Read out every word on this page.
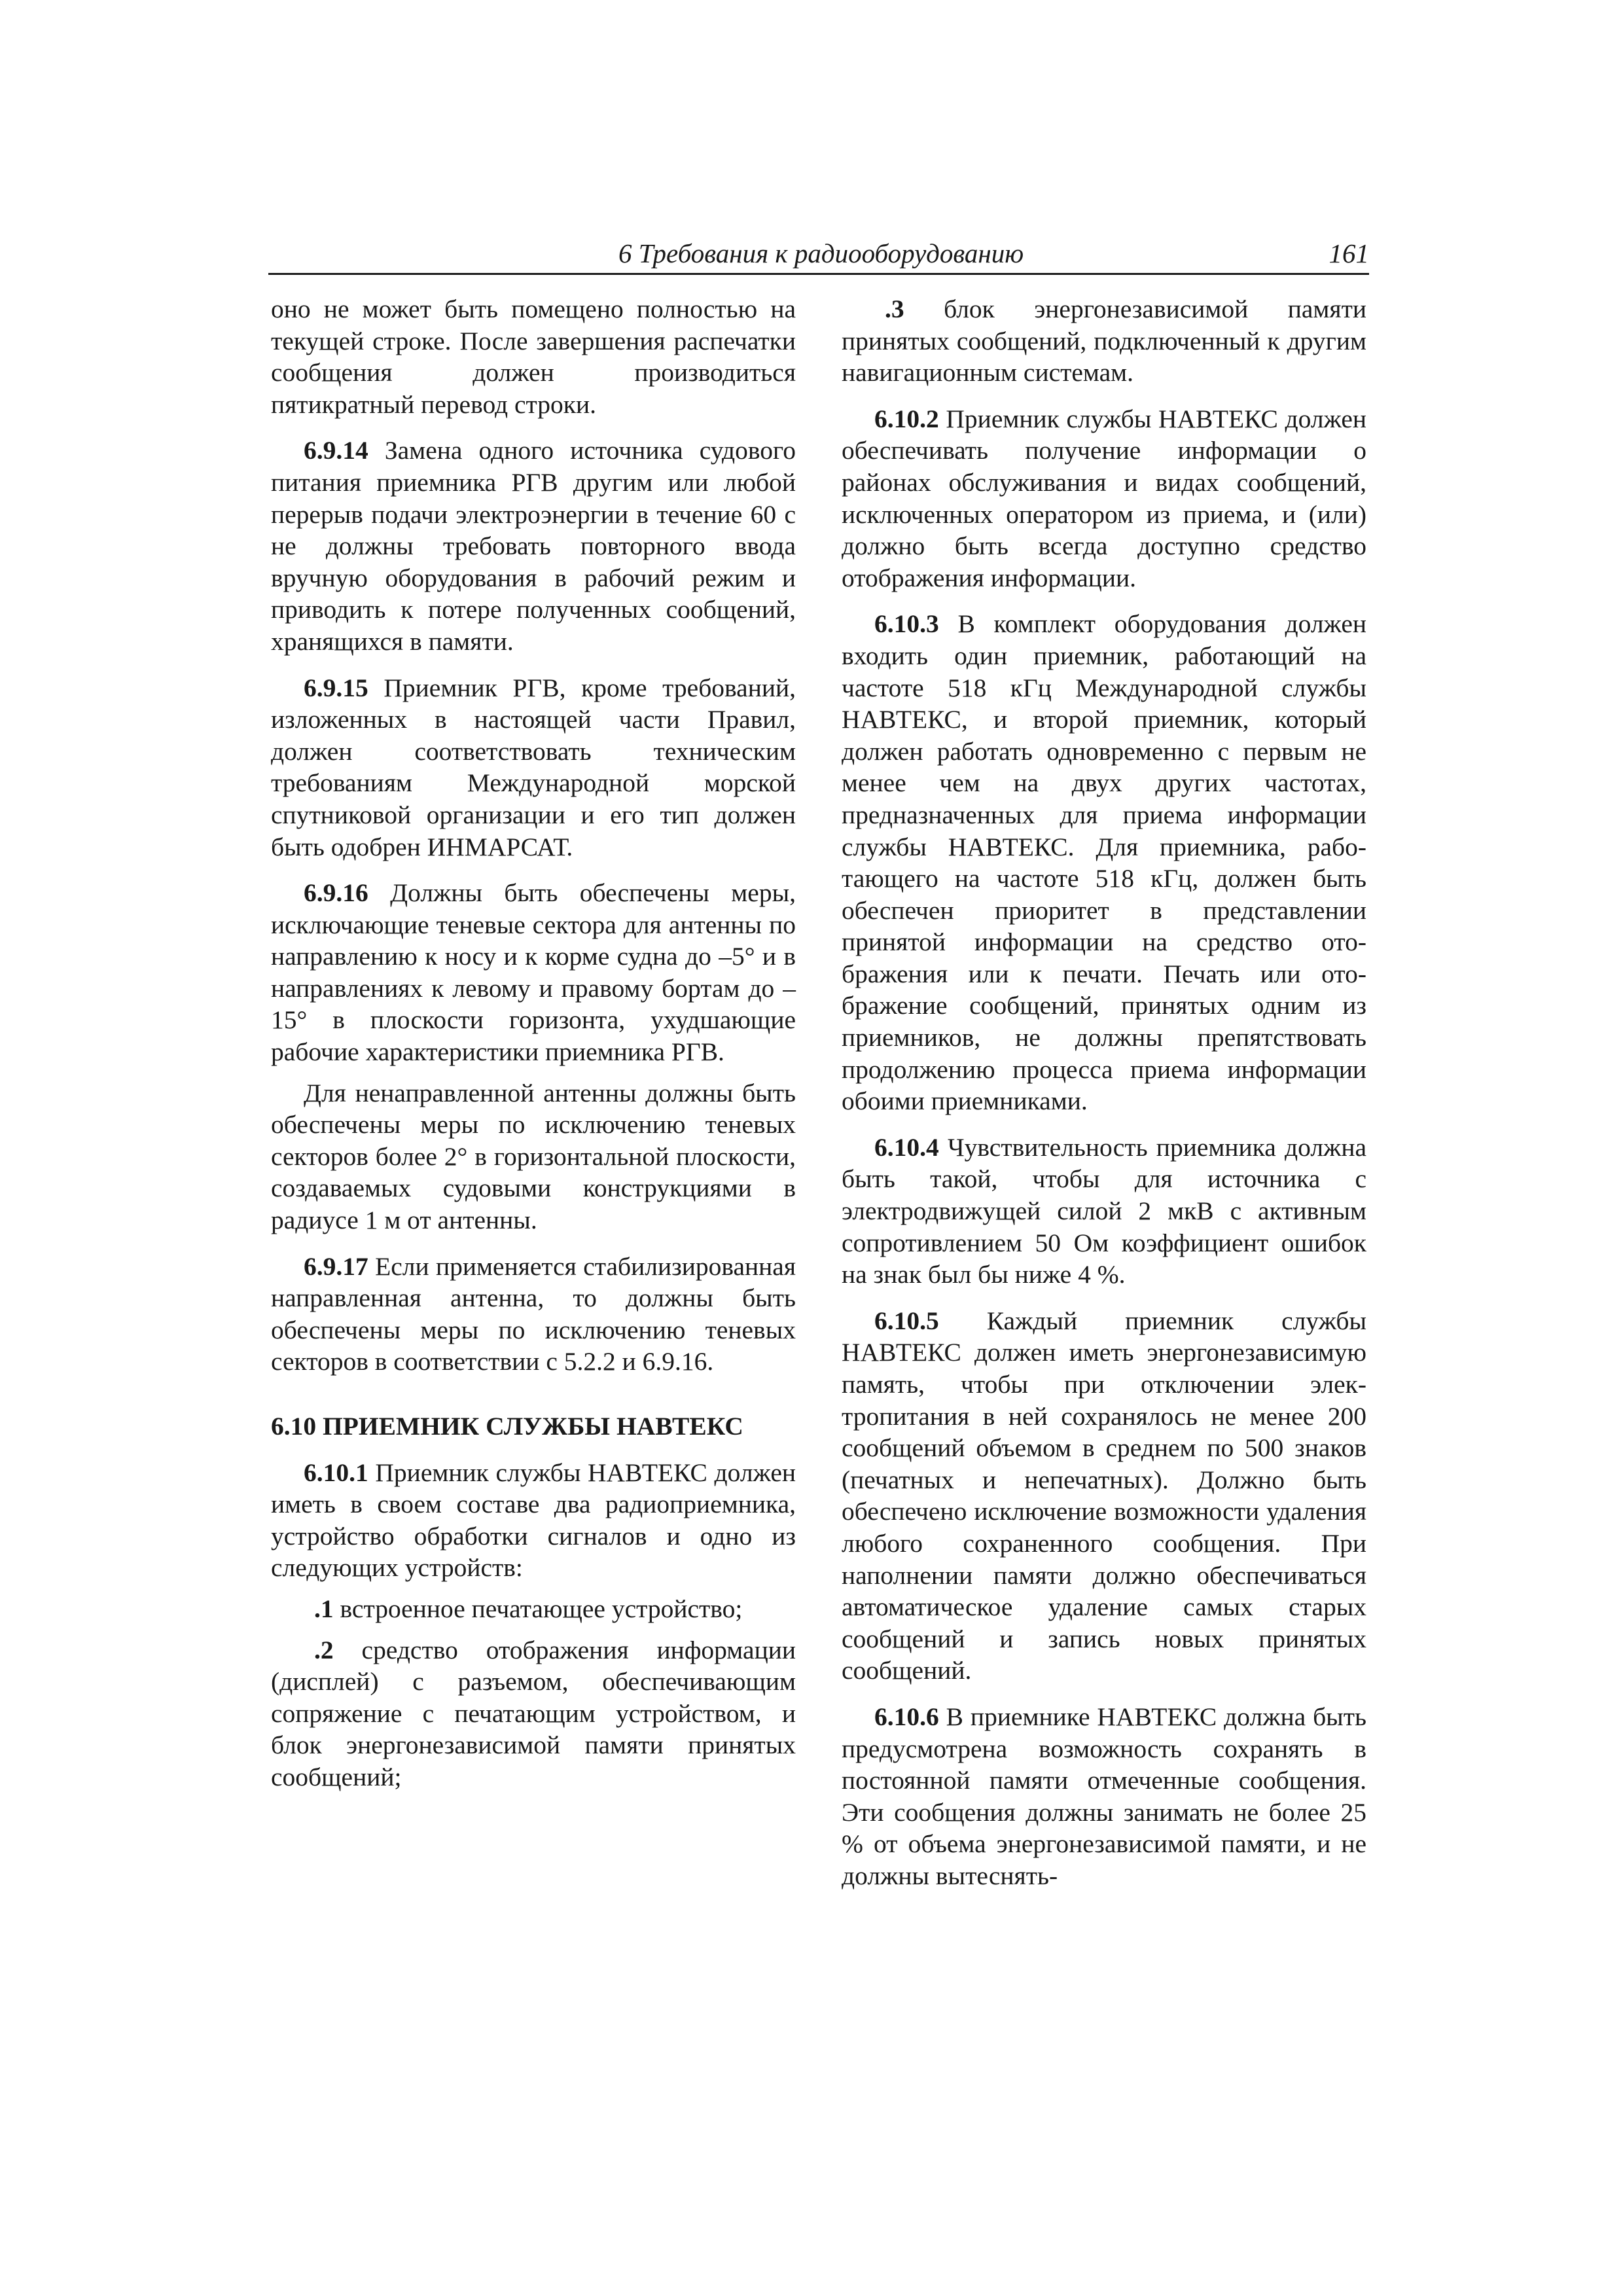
6 Требования к радиооборудованию	161

оно не может быть помещено полностью на текущей строке. После завершения распечатки сообщения должен производиться пятикратный перевод строки.

6.9.14 Замена одного источника судового питания приемника РГВ другим или любой перерыв подачи электроэнергии в течение 60 с не должны требовать повторного ввода вручную оборудования в рабочий режим и приводить к потере полученных сообщений, хранящихся в памяти.

6.9.15 Приемник РГВ, кроме требований, изложенных в настоящей части Правил, должен соответствовать техническим требованиям Международной морской спутниковой организации и его тип должен быть одобрен ИНМАРСАТ.

6.9.16 Должны быть обеспечены меры, исключающие теневые сектора для антенны по направлению к носу и к корме судна до –5° и в направлениях к левому и правому бортам до –15° в плоскости горизонта, ухудшающие рабочие характеристики приемника РГВ.

Для ненаправленной антенны должны быть обеспечены меры по исключению теневых секторов более 2° в горизонтальной плоскости, создаваемых судовыми конструкциями в радиусе 1 м от антенны.

6.9.17 Если применяется стабилизированная направленная антенна, то должны быть обеспечены меры по исключению теневых секторов в соответствии с 5.2.2 и 6.9.16.

6.10 ПРИЕМНИК СЛУЖБЫ НАВТЕКС

6.10.1 Приемник службы НАВТЕКС должен иметь в своем составе два радиоприемника, устройство обработки сигналов и одно из следующих устройств:

.1 встроенное печатающее устройство;

.2 средство отображения информации (дисплей) с разъемом, обеспечивающим сопряжение с печатающим устройством, и блок энергонезависимой памяти принятых сообщений;

.3 блок энергонезависимой памяти принятых сообщений, подключенный к другим навигационным системам.

6.10.2 Приемник службы НАВТЕКС должен обеспечивать получение информации о районах обслуживания и видах сообщений, исключенных оператором из приема, и (или) должно быть всегда доступно средство отображения информации.

6.10.3 В комплект оборудования должен входить один приемник, работающий на частоте 518 кГц Международной службы НАВТЕКС, и второй приемник, который должен работать одновременно с первым не менее чем на двух других частотах, предназначенных для приема информации службы НАВТЕКС. Для приемника, работающего на частоте 518 кГц, должен быть обеспечен приоритет в представлении принятой информации на средство отображения или к печати. Печать или отображение сообщений, принятых одним из приемников, не должны препятствовать продолжению процесса приема информации обоими приемниками.

6.10.4 Чувствительность приемника должна быть такой, чтобы для источника с электродвижущей силой 2 мкВ с активным сопротивлением 50 Ом коэффициент ошибок на знак был бы ниже 4 %.

6.10.5 Каждый приемник службы НАВТЕКС должен иметь энергонезависимую память, чтобы при отключении электропитания в ней сохранялось не менее 200 сообщений объемом в среднем по 500 знаков (печатных и непечатных). Должно быть обеспечено исключение возможности удаления любого сохраненного сообщения. При наполнении памяти должно обеспечиваться автоматическое удаление самых старых сообщений и запись новых принятых сообщений.

6.10.6 В приемнике НАВТЕКС должна быть предусмотрена возможность сохранять в постоянной памяти отмеченные сообщения. Эти сообщения должны занимать не более 25 % от объема энергонезависимой памяти, и не должны вытеснять-
